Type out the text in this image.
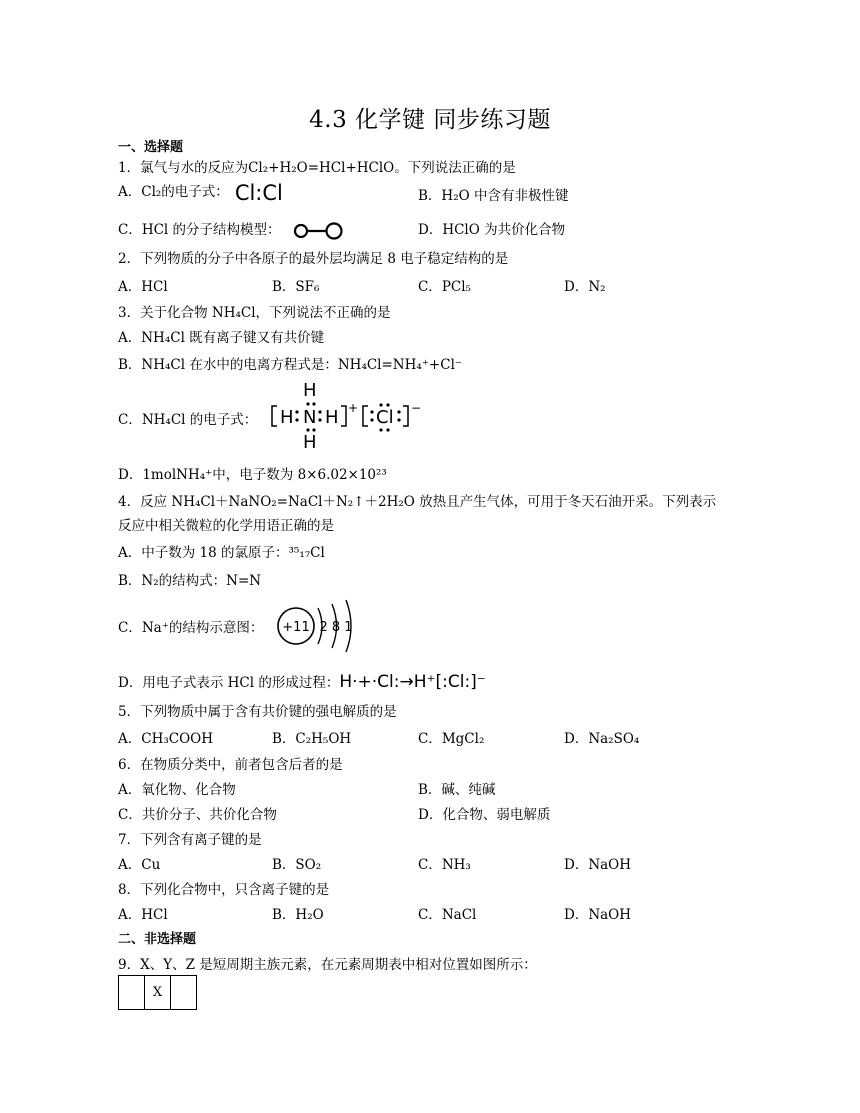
4.3 化学键 同步练习题
一、选择题
1．氯气与水的反应为Cl₂+H₂O=HCl+HClO。下列说法正确的是
A．Cl₂的电子式： Cl:Cl	B．H₂O 中含有非极性键
C．HCl 的分子结构模型：	D．HClO 为共价化合物
2．下列物质的分子中各原子的最外层均满足 8 电子稳定结构的是
A．HCl	B．SF₆	C．PCl₅	D．N₂
3．关于化合物 NH₄Cl，下列说法不正确的是
A．NH₄Cl 既有离子键又有共价键
B．NH₄Cl 在水中的电离方程式是：NH₄Cl=NH₄⁺+Cl⁻
C．NH₄Cl 的电子式： H N H
H
H
+ Cl −
D．1molNH₄⁺中，电子数为 8×6.02×10²³
4．反应 NH₄Cl＋NaNO₂=NaCl＋N₂↑＋2H₂O 放热且产生气体，可用于冬天石油开采。下列表示
反应中相关微粒的化学用语正确的是
A．中子数为 18 的氯原子：³⁵₁₇Cl
B．N₂的结构式：N=N
C．Na⁺的结构示意图： +11 2 8 1
D．用电子式表示 HCl 的形成过程：H·+·Cl:→H⁺[:Cl:]⁻
5．下列物质中属于含有共价键的强电解质的是
A．CH₃COOH	B．C₂H₅OH	C．MgCl₂	D．Na₂SO₄
6．在物质分类中，前者包含后者的是
A．氧化物、化合物	B．碱、纯碱
C．共价分子、共价化合物	D．化合物、弱电解质
7．下列含有离子键的是
A．Cu	B．SO₂	C．NH₃	D．NaOH
8．下列化合物中，只含离子键的是
A．HCl	B．H₂O	C．NaCl	D．NaOH
二、非选择题
9．X、Y、Z 是短周期主族元素，在元素周期表中相对位置如图所示：
	X	
